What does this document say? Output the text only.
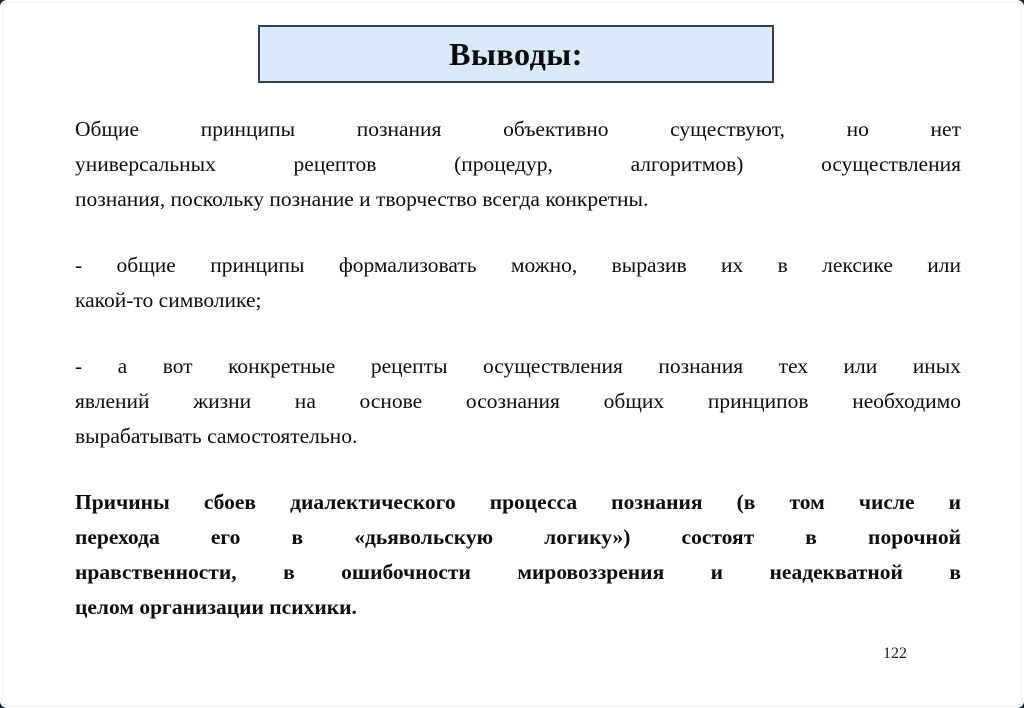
Выводы:
Общие принципы познания объективно существуют, но нет
универсальных рецептов (процедур, алгоритмов) осуществления
познания, поскольку познание и творчество всегда конкретны.
- общие принципы формализовать можно, выразив их в лексике или
какой-то символике;
- а вот конкретные рецепты осуществления познания тех или иных
явлений жизни на основе осознания общих принципов необходимо
вырабатывать самостоятельно.
Причины сбоев диалектического процесса познания (в том числе и
перехода его в «дьявольскую логику») состоят в порочной
нравственности, в ошибочности мировоззрения и неадекватной в
целом организации психики.
122
